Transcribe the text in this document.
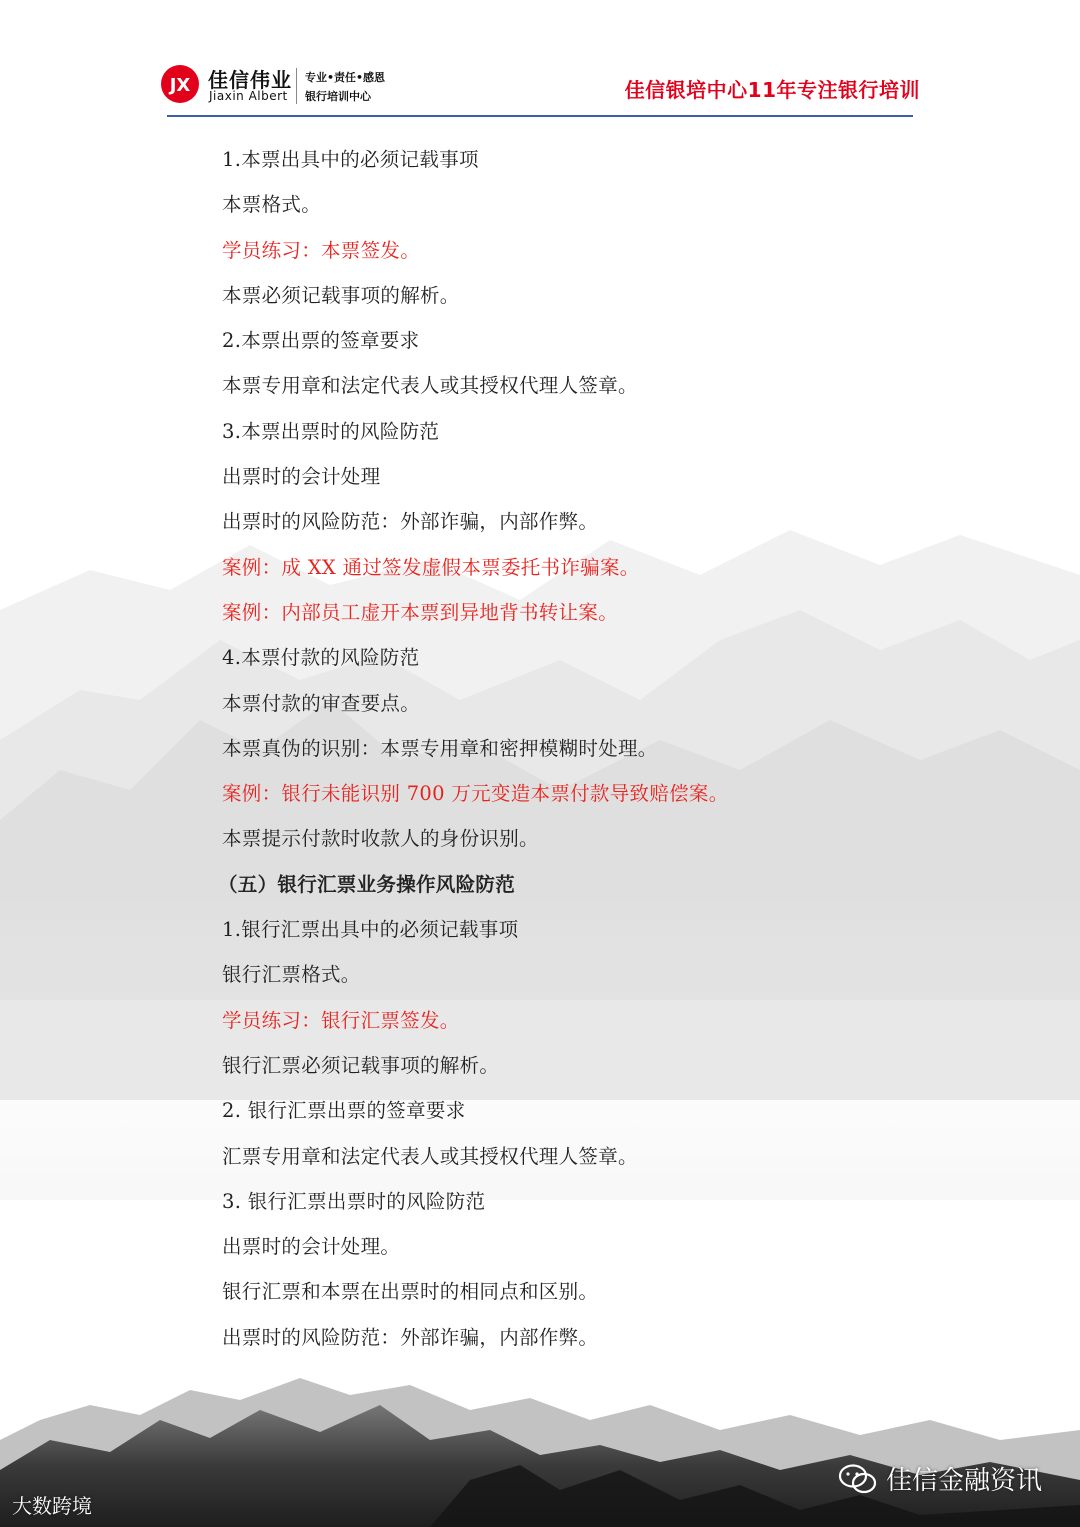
JX 佳信伟业
Jiaxin Albert
专业•责任•感恩
银行培训中心	佳信银培中心11年专注银行培训
1.本票出具中的必须记载事项
本票格式。
学员练习：本票签发。
本票必须记载事项的解析。
2.本票出票的签章要求
本票专用章和法定代表人或其授权代理人签章。
3.本票出票时的风险防范
出票时的会计处理
出票时的风险防范：外部诈骗，内部作弊。
案例：成 XX 通过签发虚假本票委托书诈骗案。
案例：内部员工虚开本票到异地背书转让案。
4.本票付款的风险防范
本票付款的审查要点。
本票真伪的识别：本票专用章和密押模糊时处理。
案例：银行未能识别 700 万元变造本票付款导致赔偿案。
本票提示付款时收款人的身份识别。
（五）银行汇票业务操作风险防范
1.银行汇票出具中的必须记载事项
银行汇票格式。
学员练习：银行汇票签发。
银行汇票必须记载事项的解析。
2. 银行汇票出票的签章要求
汇票专用章和法定代表人或其授权代理人签章。
3. 银行汇票出票时的风险防范
出票时的会计处理。
银行汇票和本票在出票时的相同点和区别。
出票时的风险防范：外部诈骗，内部作弊。
大数跨境
佳信金融资讯
